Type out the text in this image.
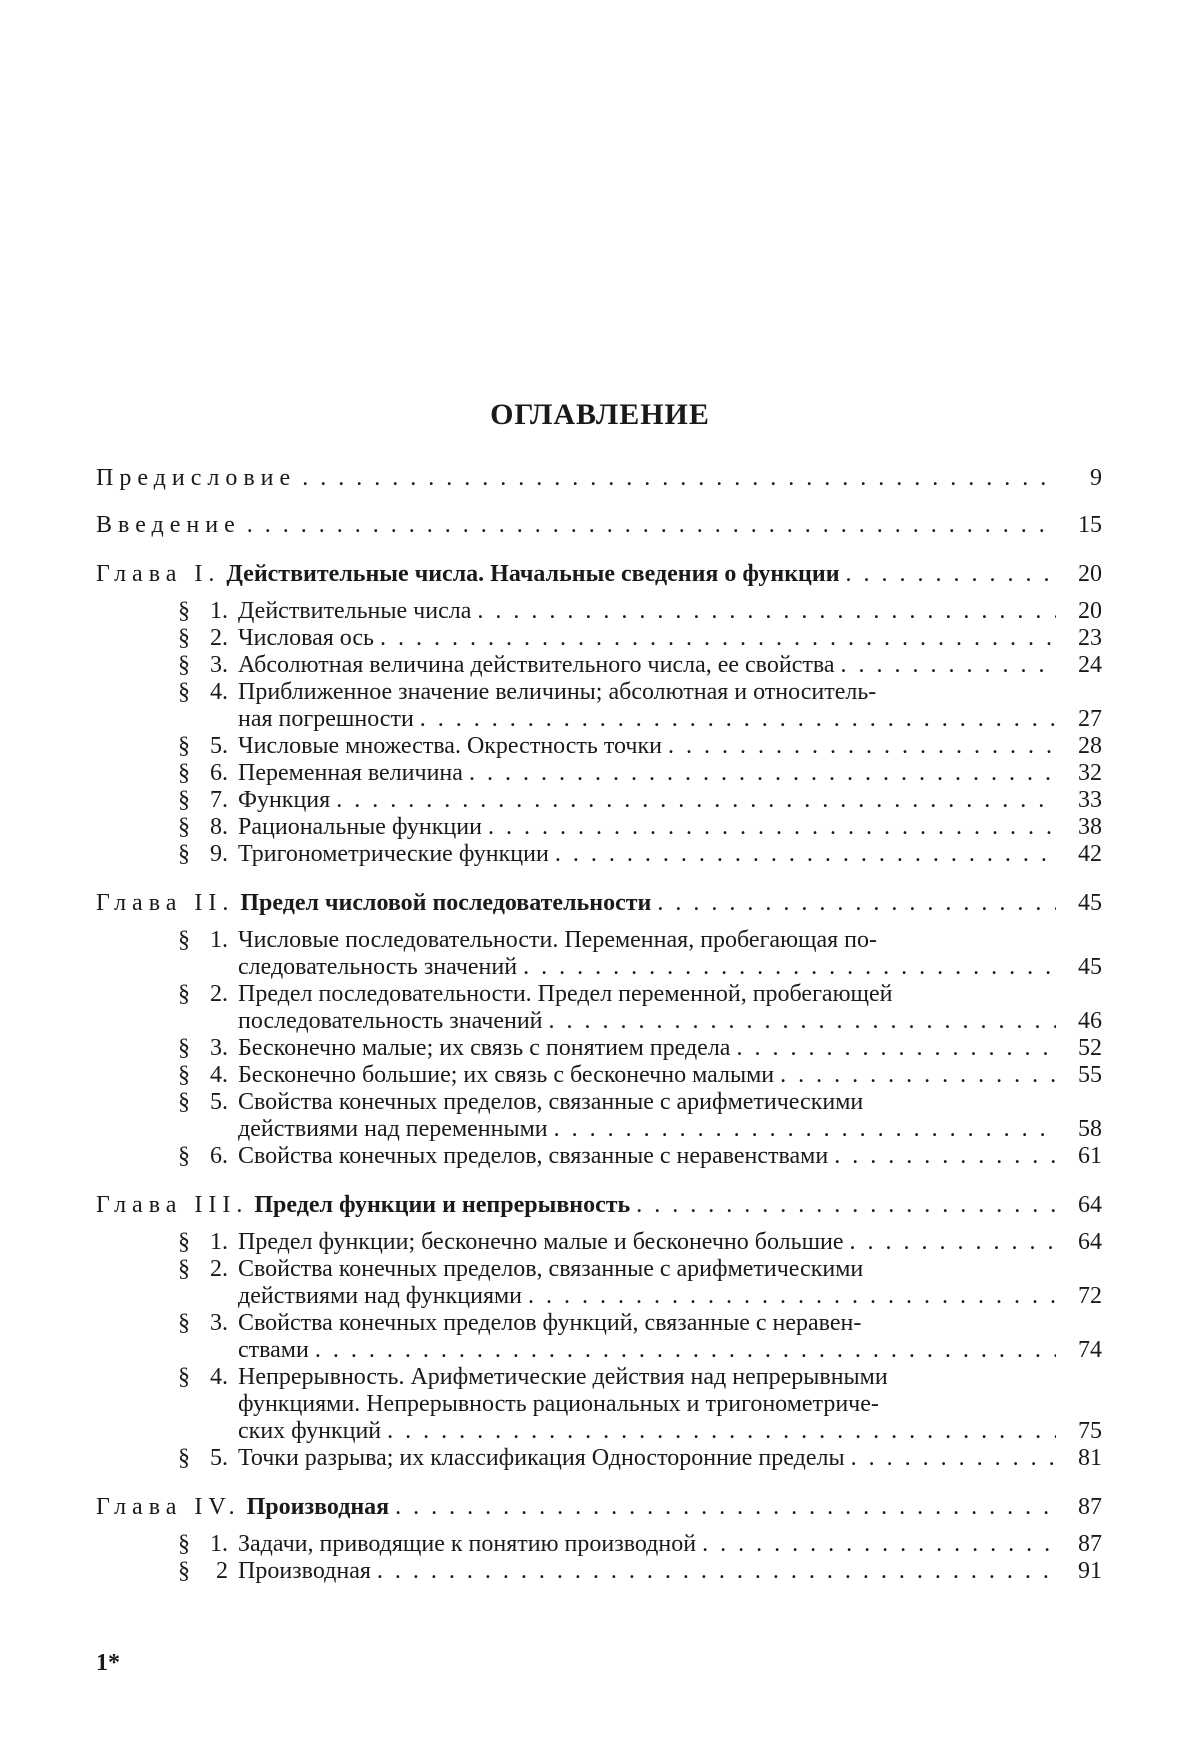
ОГЛАВЛЕНИЕ
Предисловие . . .	9
Введение . . .	15
Глава I.
Действительные числа. Начальные сведения о функции . . .	20
§ 1. Действительные числа . . .	20
§ 2. Числовая ось . . .	23
§ 3. Абсолютная величина действительного числа, ее свойства . . .	24
§ 4. Приближенное значение величины; абсолютная и относитель-
ная погрешности . . .	27
§ 5. Числовые множества. Окрестность точки . . .	28
§ 6. Переменная величина . . .	32
§ 7. Функция . . .	33
§ 8. Рациональные функции . . .	38
§ 9. Тригонометрические функции . . .	42
Глава II.
Предел числовой последовательности . . .	45
§ 1. Числовые последовательности. Переменная, пробегающая по-
следовательность значений . . .	45
§ 2. Предел последовательности. Предел переменной, пробегающей
последовательность значений . . .	46
§ 3. Бесконечно малые; их связь с понятием предела . . .	52
§ 4. Бесконечно большие; их связь с бесконечно малыми . . .	55
§ 5. Свойства конечных пределов, связанные с арифметическими
действиями над переменными . . .	58
§ 6. Свойства конечных пределов, связанные с неравенствами . . .	61
Глава III.
Предел функции и непрерывность . . .	64
§ 1. Предел функции; бесконечно малые и бесконечно большие . . .	64
§ 2. Свойства конечных пределов, связанные с арифметическими
действиями над функциями . . .	72
§ 3. Свойства конечных пределов функций, связанные с неравен-
ствами . . .	74
§ 4. Непрерывность. Арифметические действия над непрерывными
функциями. Непрерывность рациональных и тригонометриче-
ских функций . . .	75
§ 5. Точки разрыва; их классификация Односторонние пределы . . .	81
Глава IV.
Производная . . .	87
§ 1. Задачи, приводящие к понятию производной . . .	87
§	2 Производная . . .	91
1*
